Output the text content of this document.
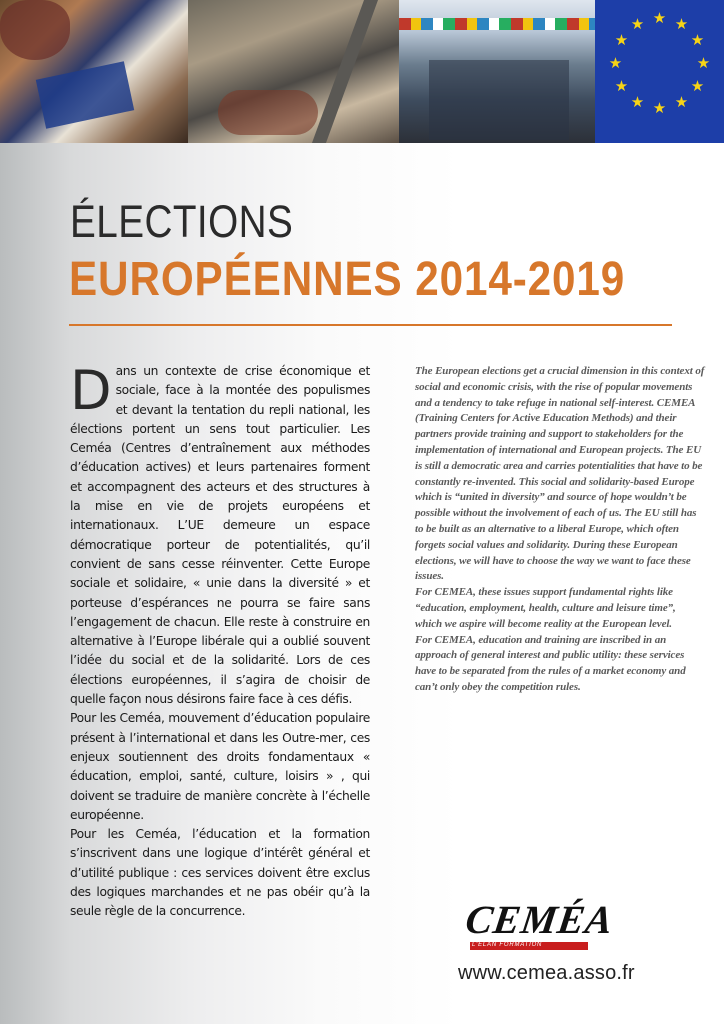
★ ★
★
★
★
★
★
★
★
★
★
★
ÉLECTIONS
EUROPÉENNES 2014-2019

Dans un contexte de crise économique et sociale, face à la montée des populismes et devant la tentation du repli national, les élections portent un sens tout particulier. Les Ceméa (Centres d’entraînement aux méthodes d’éducation actives) et leurs partenaires forment et accompagnent des acteurs et des structures à la mise en vie de projets européens et internationaux. L’UE demeure un espace démocratique porteur de potentialités, qu’il convient de sans cesse réinventer. Cette Europe sociale et solidaire, « unie dans la diversité » et porteuse d’espérances ne pourra se faire sans l’engagement de chacun. Elle reste à construire en alternative à l’Europe libérale qui a oublié souvent l’idée du social et de la solidarité. Lors de ces élections européennes, il s’agira de choisir de quelle façon nous désirons faire face à ces défis.

Pour les Ceméa, mouvement d’éducation populaire présent à l’international et dans les Outre-mer, ces enjeux soutiennent des droits fondamentaux « éducation, emploi, santé, culture, loisirs » , qui doivent se traduire de manière concrète à l’échelle européenne.

Pour les Ceméa, l’éducation et la formation s’inscrivent dans une logique d’intérêt général et d’utilité publique : ces services doivent être exclus des logiques marchandes et ne pas obéir qu’à la seule règle de la concurrence.

The European elections get a crucial dimension in this context of social and economic crisis, with the rise of popular movements and a tendency to take refuge in national self-interest. CEMEA (Training Centers for Active Education Methods) and their partners provide training and support to stakeholders for the implementation of international and European projects. The EU is still a democratic area and carries potentialities that have to be constantly re-invented. This social and solidarity-based Europe which is “united in diversity” and source of hope wouldn’t be possible without the involvement of each of us. The EU still has to be built as an alternative to a liberal Europe, which often forgets social values and solidarity. During these European elections, we will have to choose the way we want to face these issues.

For CEMEA, these issues support fundamental rights like “education, employment, health, culture and leisure time”, which we aspire will become reality at the European level.

For CEMEA, education and training are inscribed in an approach of general interest and public utility: these services have to be separated from the rules of a market economy and can’t only obey the competition rules.

CEMÉA
L'ÉLAN FORMATION
www.cemea.asso.fr
